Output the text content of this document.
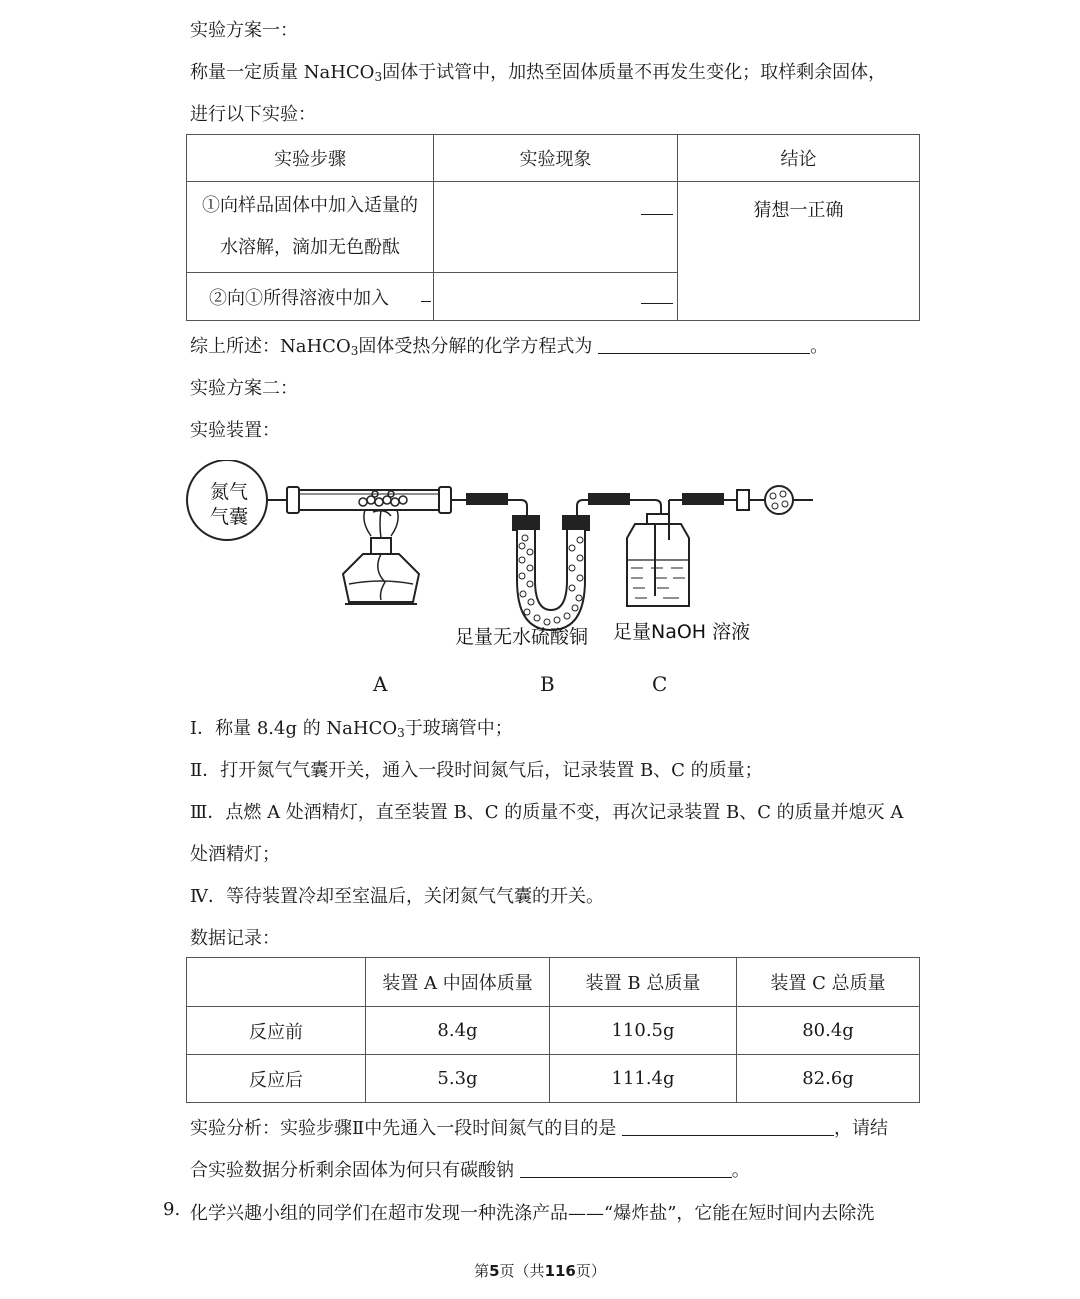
实验方案一：
称量一定质量 NaHCO$_3$固体于试管中，加热至固体质量不再发生变化；取样剩余固体，
进行以下实验：
实验步骤	实验现象	结论

①向样品固体中加入适量的
水溶解，滴加无色酚酞		猜想一正确
②向①所得溶液中加入	

综上所述：NaHCO$_3$固体受热分解的化学方程式为	。
实验方案二：
实验装置：
氮气
气囊
足量无水硫酸铜 足量NaOH 溶液
A	B	C
Ⅰ．称量 8.4g 的 NaHCO$_3$于玻璃管中；
Ⅱ．打开氮气气囊开关，通入一段时间氮气后，记录装置 B、C 的质量；
Ⅲ．点燃 A 处酒精灯，直至装置 B、C 的质量不变，再次记录装置 B、C 的质量并熄灭 A
处酒精灯；
Ⅳ．等待装置冷却至室温后，关闭氮气气囊的开关。
数据记录：
	装置 A 中固体质量	装置 B 总质量	装置 C 总质量
反应前	8.4g	110.5g	80.4g
反应后	5.3g	111.4g	82.6g
实验分析：实验步骤Ⅱ中先通入一段时间氮气的目的是	，请结
合实验数据分析剩余固体为何只有碳酸钠	。
9. 化学兴趣小组的同学们在超市发现一种洗涤产品——“爆炸盐”，它能在短时间内去除洗
第5页（共116页）
